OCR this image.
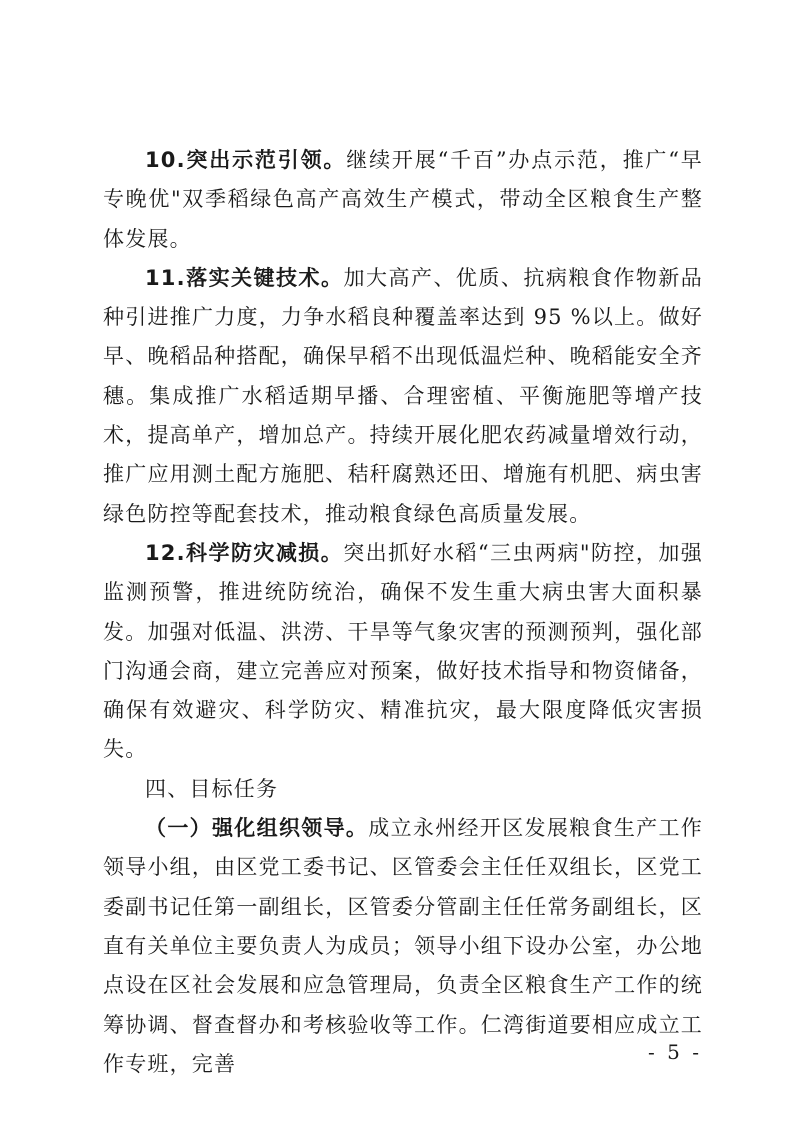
10.突出示范引领。继续开展“千百”办点示范，推广“早专晚优"双季稻绿色高产高效生产模式，带动全区粮食生产整体发展。

11.落实关键技术。加大高产、优质、抗病粮食作物新品种引进推广力度，力争水稻良种覆盖率达到 95 %以上。做好早、晚稻品种搭配，确保早稻不出现低温烂种、晚稻能安全齐穗。集成推广水稻适期早播、合理密植、平衡施肥等增产技术，提高单产，增加总产。持续开展化肥农药减量增效行动，推广应用测土配方施肥、秸秆腐熟还田、增施有机肥、病虫害绿色防控等配套技术，推动粮食绿色高质量发展。

12.科学防灾减损。突出抓好水稻“三虫两病"防控，加强监测预警，推进统防统治，确保不发生重大病虫害大面积暴发。加强对低温、洪涝、干旱等气象灾害的预测预判，强化部门沟通会商，建立完善应对预案，做好技术指导和物资储备，确保有效避灾、科学防灾、精准抗灾，最大限度降低灾害损失。

四、目标任务

（一）强化组织领导。成立永州经开区发展粮食生产工作领导小组，由区党工委书记、区管委会主任任双组长，区党工委副书记任第一副组长，区管委分管副主任任常务副组长，区直有关单位主要负责人为成员；领导小组下设办公室，办公地点设在区社会发展和应急管理局，负责全区粮食生产工作的统筹协调、督查督办和考核验收等工作。仁湾街道要相应成立工作专班，完善	- 5 -
